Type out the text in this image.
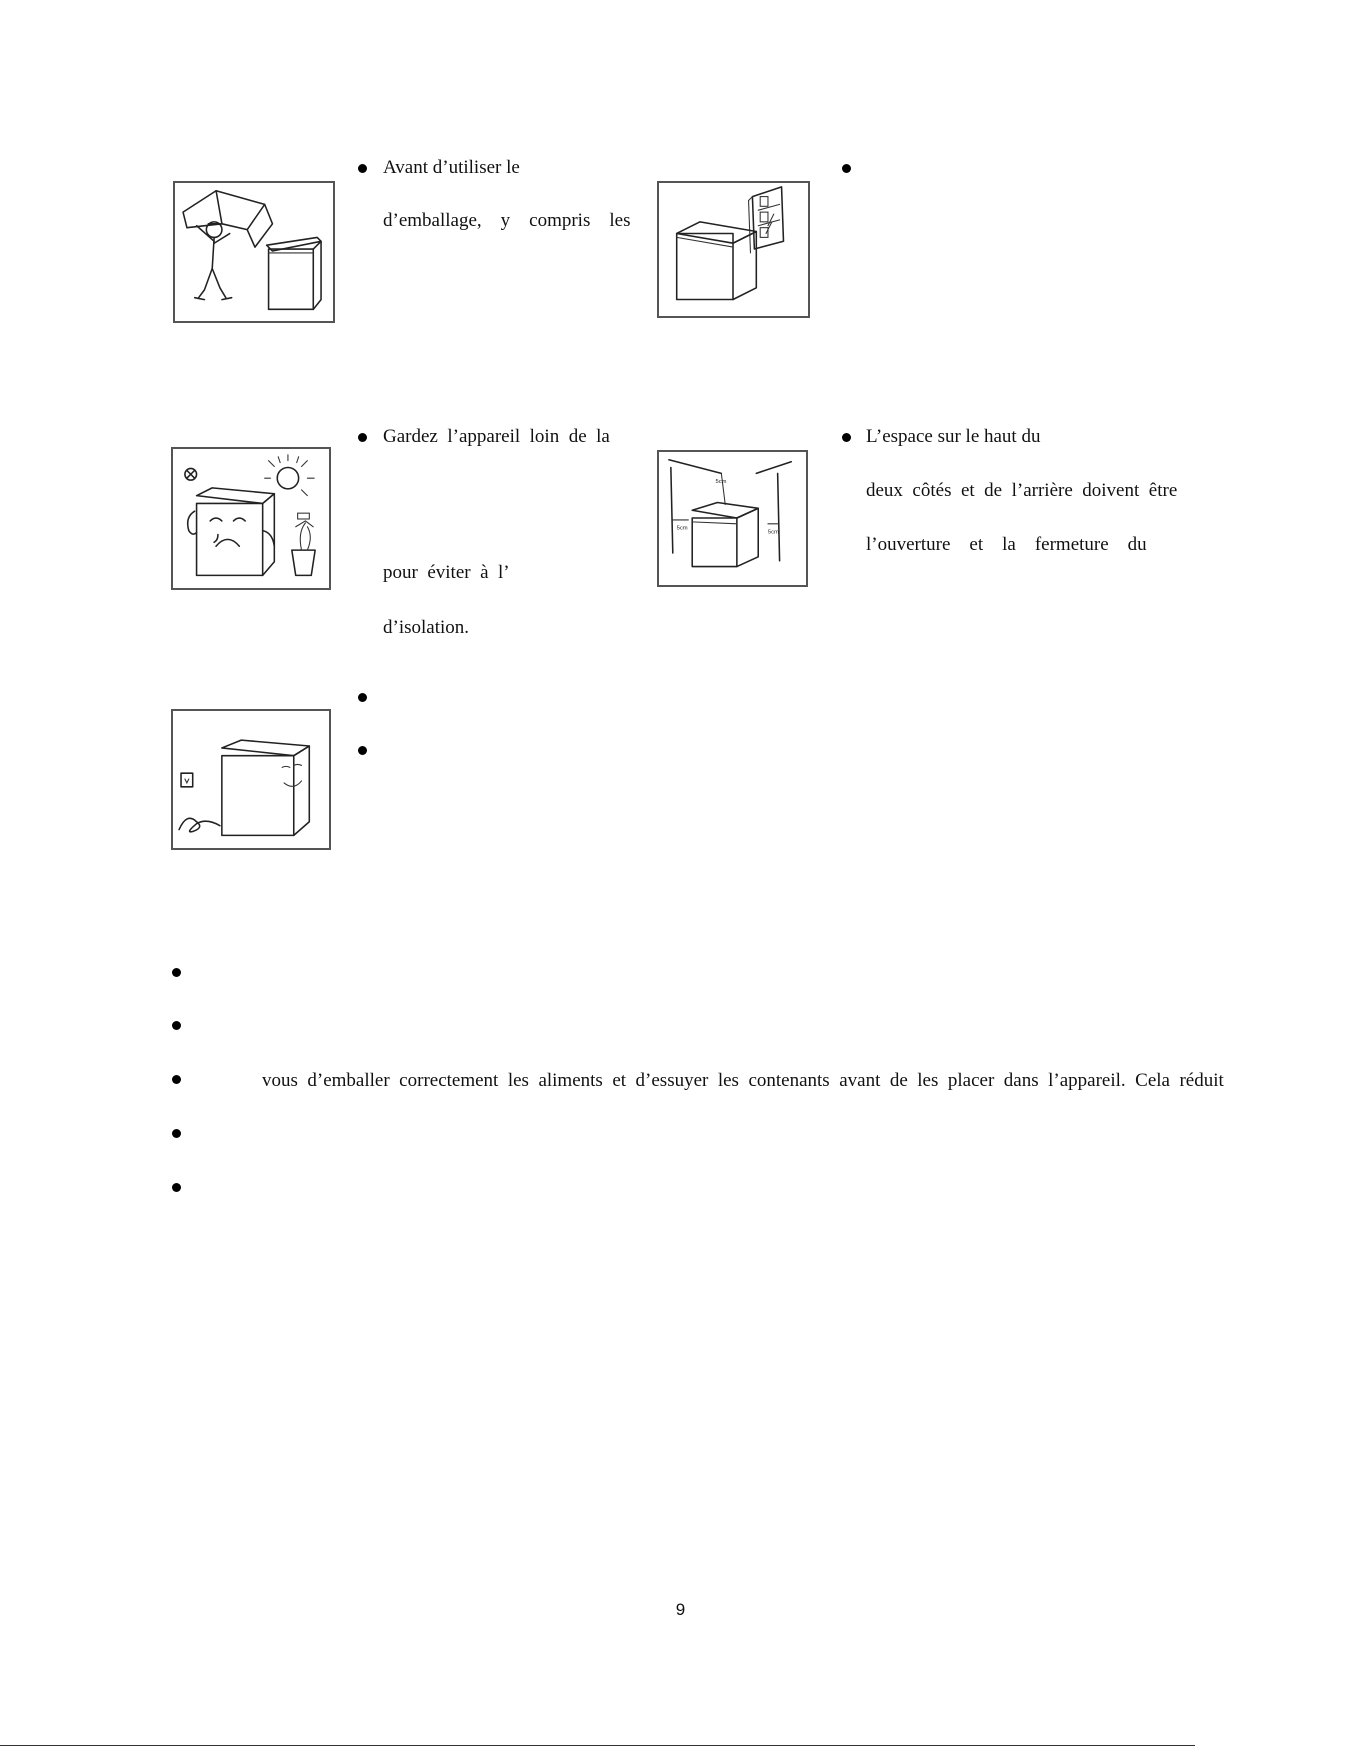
Avant d’utiliser le
d’emballage,    y    compris    les
Gardez  l’appareil  loin  de  la
pour  éviter  à  l’
d’isolation.
5cm
5cm
5cm
L’espace sur le haut du
deux  côtés  et  de  l’arrière  doivent  être
l’ouverture    et    la    fermeture    du
vous  d’emballer  correctement  les  aliments  et  d’essuyer  les  contenants  avant  de  les  placer  dans  l’appareil.  Cela  réduit
9
